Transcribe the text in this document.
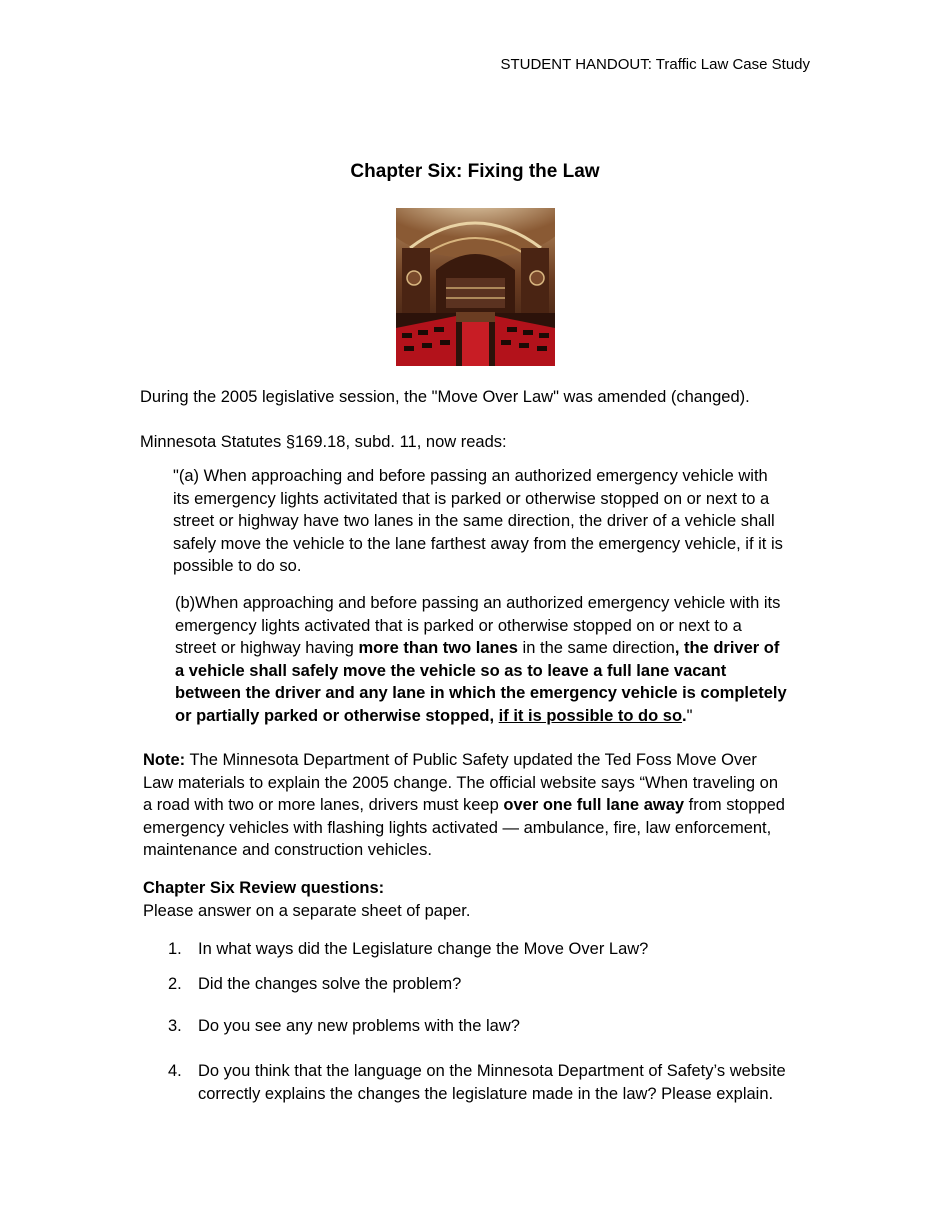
STUDENT HANDOUT: Traffic Law Case Study
Chapter Six: Fixing the Law
During the 2005 legislative session, the "Move Over Law" was amended (changed).
Minnesota Statutes §169.18, subd. 11, now reads:
"(a) When approaching and before passing an authorized emergency vehicle with its emergency lights activitated that is parked or otherwise stopped on or next to a street or highway have two lanes in the same direction, the driver of a vehicle shall safely move the vehicle to the lane farthest away from the emergency vehicle, if it is possible to do so.
(b)When approaching and before passing an authorized emergency vehicle with its emergency lights activated that is parked or otherwise stopped on or next to a street or highway having more than two lanes in the same direction, the driver of a vehicle shall safely move the vehicle so as to leave a full lane vacant between the driver and any lane in which the emergency vehicle is completely or partially parked or otherwise stopped, if it is possible to do so."
Note: The Minnesota Department of Public Safety updated the Ted Foss Move Over Law materials to explain the 2005 change. The official website says “When traveling on a road with two or more lanes, drivers must keep over one full lane away from stopped emergency vehicles with flashing lights activated — ambulance, fire, law enforcement, maintenance and construction vehicles.
Chapter Six Review questions:
Please answer on a separate sheet of paper.
1. In what ways did the Legislature change the Move Over Law?
2. Did the changes solve the problem?
3. Do you see any new problems with the law?
4. Do you think that the language on the Minnesota Department of Safety’s website correctly explains the changes the legislature made in the law? Please explain.
